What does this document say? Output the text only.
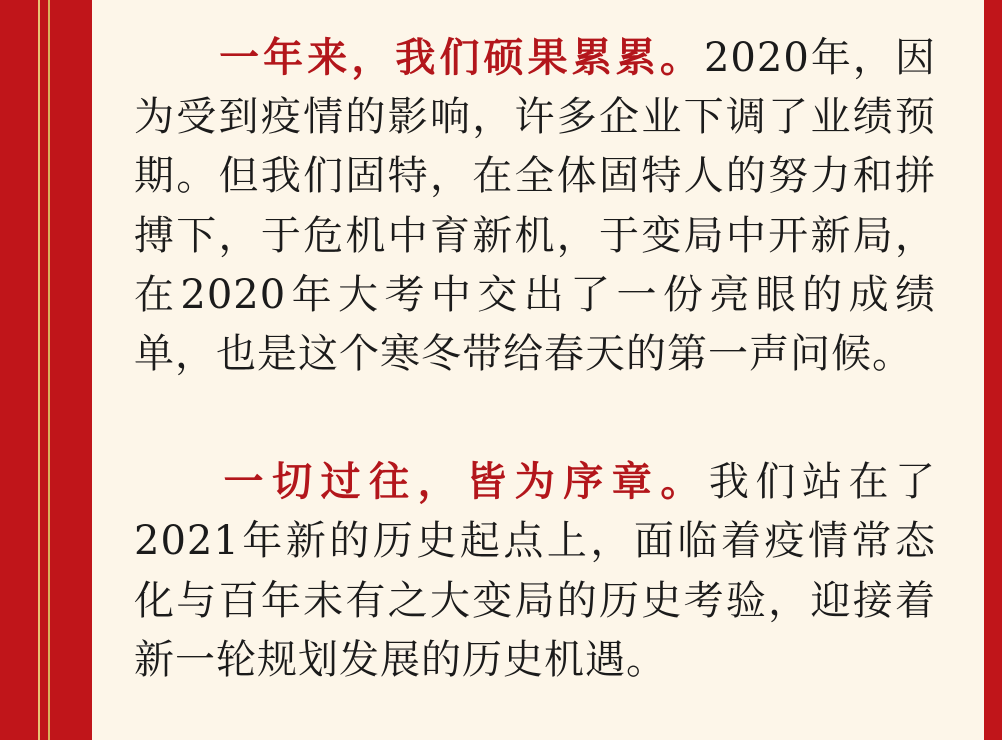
一年来，我们硕果累累。2020年，因为受到疫情的影响，许多企业下调了业绩预期。但我们固特，在全体固特人的努力和拼搏下，于危机中育新机，于变局中开新局，在2020年大考中交出了一份亮眼的成绩单，也是这个寒冬带给春天的第一声问候。

一切过往，皆为序章。我们站在了2021年新的历史起点上，面临着疫情常态化与百年未有之大变局的历史考验，迎接着新一轮规划发展的历史机遇。
